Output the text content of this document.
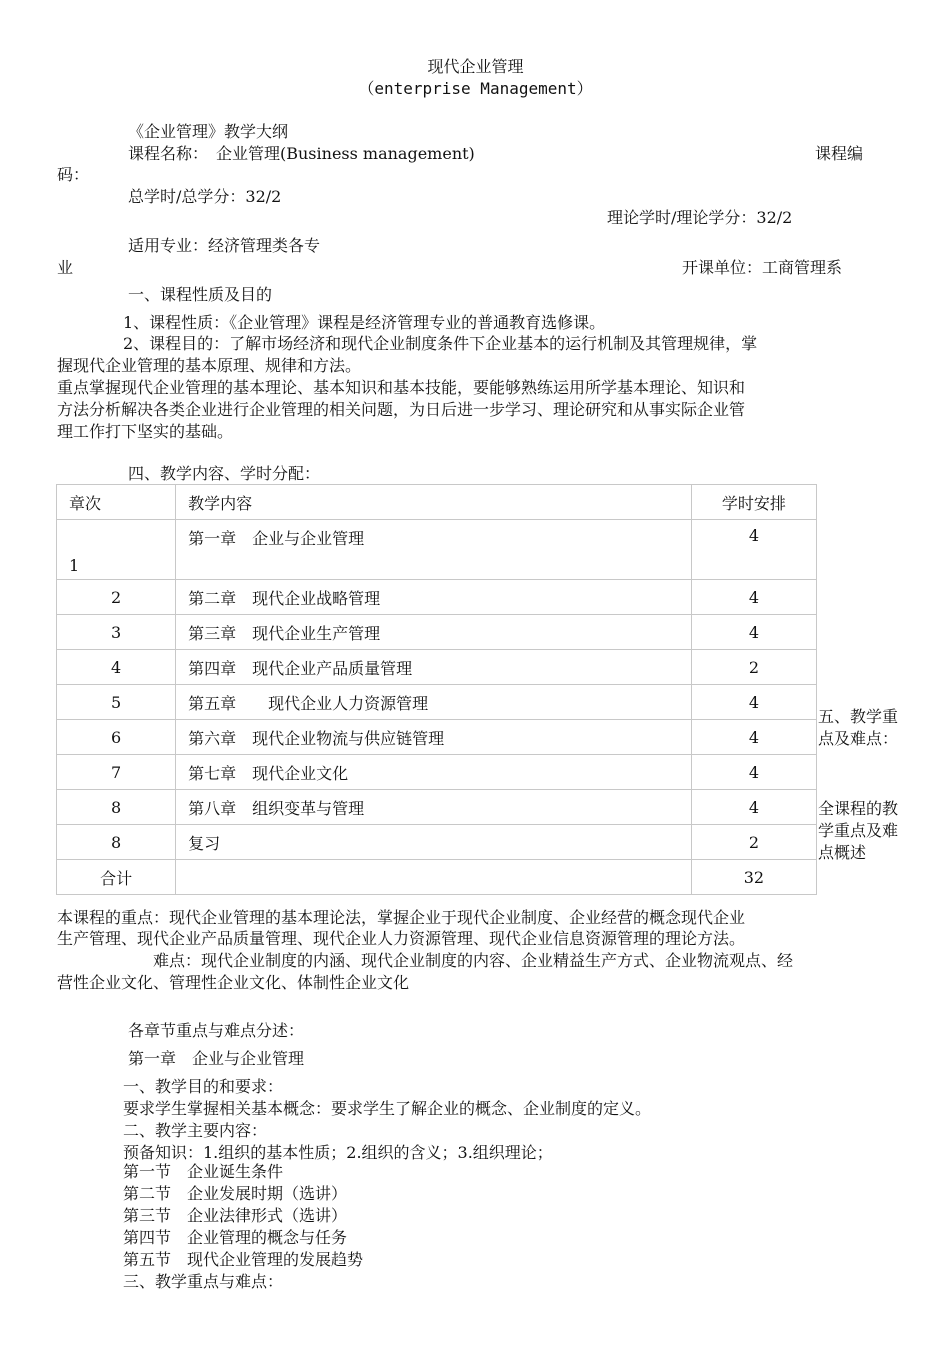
现代企业管理
（enterprise Management）
《企业管理》教学大纲
课程名称：　企业管理(Business management)	课程编
码：
总学时/总学分：32/2
理论学时/理论学分：32/2
适用专业：经济管理类各专
业	开课单位：工商管理系
一、课程性质及目的
1、课程性质：《企业管理》课程是经济管理专业的普通教育选修课。
2、课程目的：了解市场经济和现代企业制度条件下企业基本的运行机制及其管理规律，掌
握现代企业管理的基本原理、规律和方法。
重点掌握现代企业管理的基本理论、基本知识和基本技能，要能够熟练运用所学基本理论、知识和
方法分析解决各类企业进行企业管理的相关问题，为日后进一步学习、理论研究和从事实际企业管
理工作打下坚实的基础。
四、教学内容、学时分配：
章次	教学内容	学时安排
1	第一章　企业与企业管理	4
2	第二章　现代企业战略管理	4
3	第三章　现代企业生产管理	4
4	第四章　现代企业产品质量管理	2
5	第五章　　现代企业人力资源管理	4
6	第六章　现代企业物流与供应链管理	4
7	第七章　现代企业文化	4
8	第八章　组织变革与管理	4
8	复习	2
合计		32
五、教学重点及难点：
全课程的教学重点及难点概述
本课程的重点：现代企业管理的基本理论法，掌握企业于现代企业制度、企业经营的概念现代企业
生产管理、现代企业产品质量管理、现代企业人力资源管理、现代企业信息资源管理的理论方法。
难点：现代企业制度的内涵、现代企业制度的内容、企业精益生产方式、企业物流观点、经
营性企业文化、管理性企业文化、体制性企业文化
各章节重点与难点分述：
第一章　企业与企业管理
一、教学目的和要求：
要求学生掌握相关基本概念：要求学生了解企业的概念、企业制度的定义。
二、教学主要内容：
预备知识：1.组织的基本性质；2.组织的含义；3.组织理论；
第一节　企业诞生条件
第二节　企业发展时期（选讲）
第三节　企业法律形式（选讲）
第四节　企业管理的概念与任务
第五节　现代企业管理的发展趋势
三、教学重点与难点：
